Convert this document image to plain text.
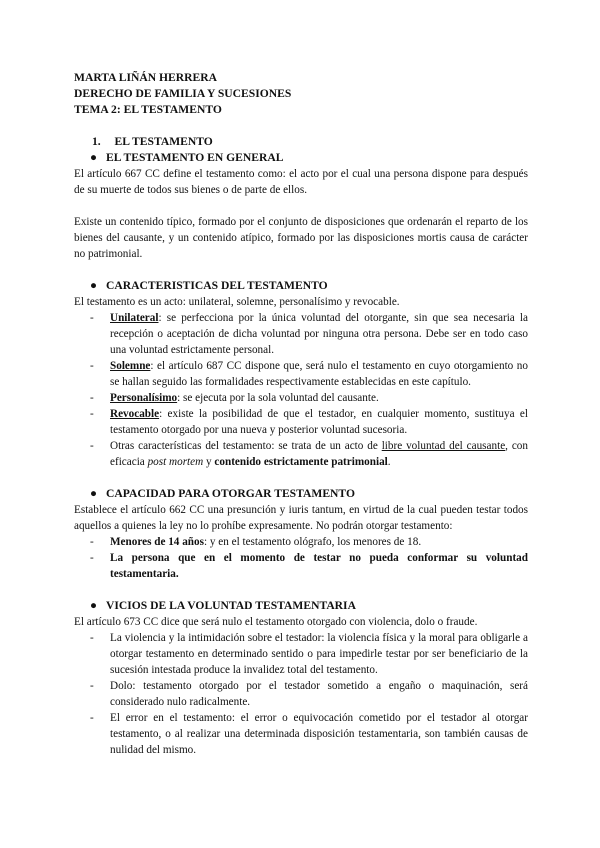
MARTA LIÑÁN HERRERA
DERECHO DE FAMILIA Y SUCESIONES
TEMA 2: EL TESTAMENTO
1. EL TESTAMENTO
● EL TESTAMENTO EN GENERAL
El artículo 667 CC define el testamento como: el acto por el cual una persona dispone para después de su muerte de todos sus bienes o de parte de ellos.
Existe un contenido típico, formado por el conjunto de disposiciones que ordenarán el reparto de los bienes del causante, y un contenido atípico, formado por las disposiciones mortis causa de carácter no patrimonial.
● CARACTERISTICAS DEL TESTAMENTO
El testamento es un acto: unilateral, solemne, personalísimo y revocable.
- Unilateral: se perfecciona por la única voluntad del otorgante, sin que sea necesaria la recepción o aceptación de dicha voluntad por ninguna otra persona. Debe ser en todo caso una voluntad estrictamente personal.
- Solemne: el artículo 687 CC dispone que, será nulo el testamento en cuyo otorgamiento no se hallan seguido las formalidades respectivamente establecidas en este capítulo.
- Personalísimo: se ejecuta por la sola voluntad del causante.
- Revocable: existe la posibilidad de que el testador, en cualquier momento, sustituya el testamento otorgado por una nueva y posterior voluntad sucesoria.
- Otras características del testamento: se trata de un acto de libre voluntad del causante, con eficacia post mortem y contenido estrictamente patrimonial.
● CAPACIDAD PARA OTORGAR TESTAMENTO
Establece el artículo 662 CC una presunción y iuris tantum, en virtud de la cual pueden testar todos aquellos a quienes la ley no lo prohíbe expresamente. No podrán otorgar testamento:
- Menores de 14 años: y en el testamento ológrafo, los menores de 18.
- La persona que en el momento de testar no pueda conformar su voluntad testamentaria.
● VICIOS DE LA VOLUNTAD TESTAMENTARIA
El artículo 673 CC dice que será nulo el testamento otorgado con violencia, dolo o fraude.
- La violencia y la intimidación sobre el testador: la violencia física y la moral para obligarle a otorgar testamento en determinado sentido o para impedirle testar por ser beneficiario de la sucesión intestada produce la invalidez total del testamento.
- Dolo: testamento otorgado por el testador sometido a engaño o maquinación, será considerado nulo radicalmente.
- El error en el testamento: el error o equivocación cometido por el testador al otorgar testamento, o al realizar una determinada disposición testamentaria, son también causas de nulidad del mismo.
